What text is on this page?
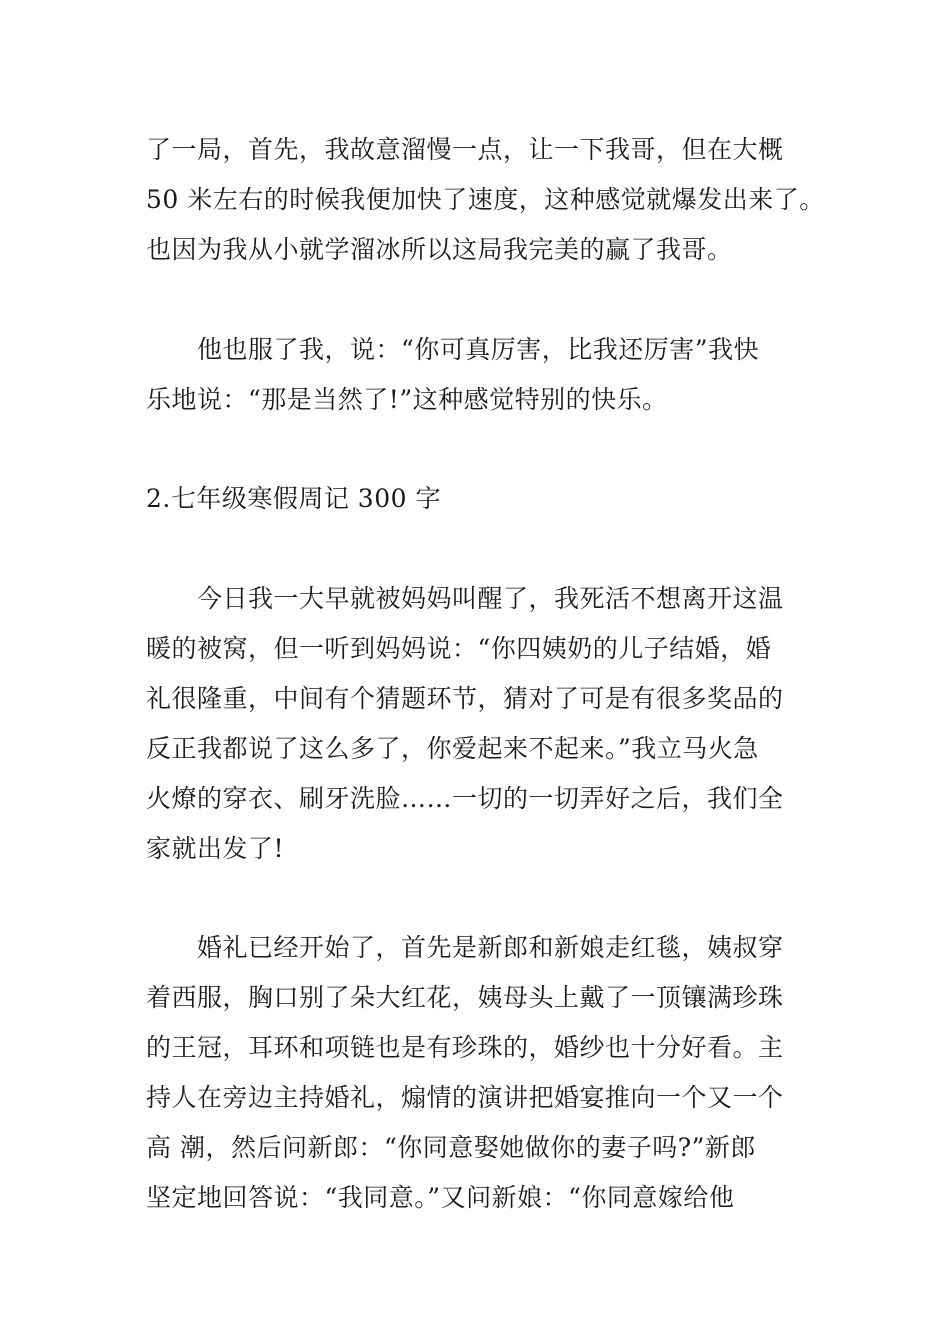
了一局，首先，我故意溜慢一点，让一下我哥，但在大概
50 米左右的时候我便加快了速度，这种感觉就爆发出来了。
也因为我从小就学溜冰所以这局我完美的赢了我哥。
他也服了我，说：“你可真厉害，比我还厉害”我快
乐地说：“那是当然了!”这种感觉特别的快乐。
2.七年级寒假周记 300 字
今日我一大早就被妈妈叫醒了，我死活不想离开这温
暖的被窝，但一听到妈妈说：“你四姨奶的儿子结婚，婚
礼很隆重，中间有个猜题环节，猜对了可是有很多奖品的
反正我都说了这么多了，你爱起来不起来。”我立马火急
火燎的穿衣、刷牙洗脸……一切的一切弄好之后，我们全
家就出发了!
婚礼已经开始了，首先是新郎和新娘走红毯，姨叔穿
着西服，胸口别了朵大红花，姨母头上戴了一顶镶满珍珠
的王冠，耳环和项链也是有珍珠的，婚纱也十分好看。主
持人在旁边主持婚礼，煽情的演讲把婚宴推向一个又一个
高 潮，然后问新郎：“你同意娶她做你的妻子吗?”新郎
坚定地回答说：“我同意。”又问新娘：“你同意嫁给他
